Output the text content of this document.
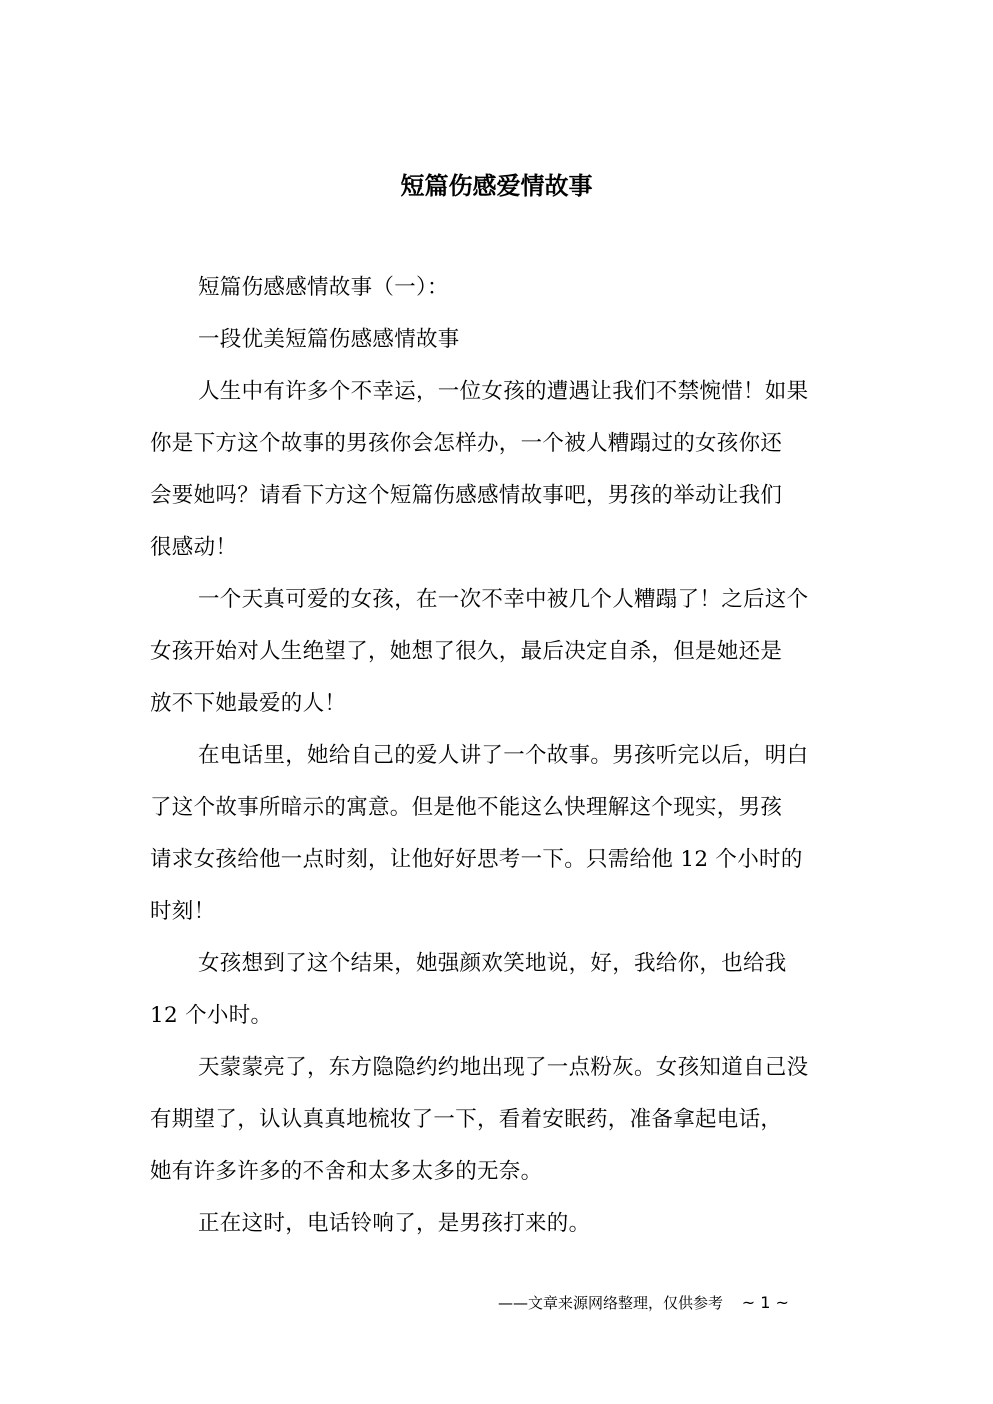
短篇伤感爱情故事
短篇伤感感情故事（一）：
一段优美短篇伤感感情故事
人生中有许多个不幸运，一位女孩的遭遇让我们不禁惋惜！如果
你是下方这个故事的男孩你会怎样办，一个被人糟蹋过的女孩你还
会要她吗？请看下方这个短篇伤感感情故事吧，男孩的举动让我们
很感动！
一个天真可爱的女孩，在一次不幸中被几个人糟蹋了！之后这个
女孩开始对人生绝望了，她想了很久，最后决定自杀，但是她还是
放不下她最爱的人！
在电话里，她给自己的爱人讲了一个故事。男孩听完以后，明白
了这个故事所暗示的寓意。但是他不能这么快理解这个现实，男孩
请求女孩给他一点时刻，让他好好思考一下。只需给他 12 个小时的
时刻！
女孩想到了这个结果，她强颜欢笑地说，好，我给你，也给我
12 个小时。
天蒙蒙亮了，东方隐隐约约地出现了一点粉灰。女孩知道自己没
有期望了，认认真真地梳妆了一下，看着安眠药，准备拿起电话，
她有许多许多的不舍和太多太多的无奈。
正在这时，电话铃响了，是男孩打来的。
——文章来源网络整理，仅供参考 ~ 1 ~
